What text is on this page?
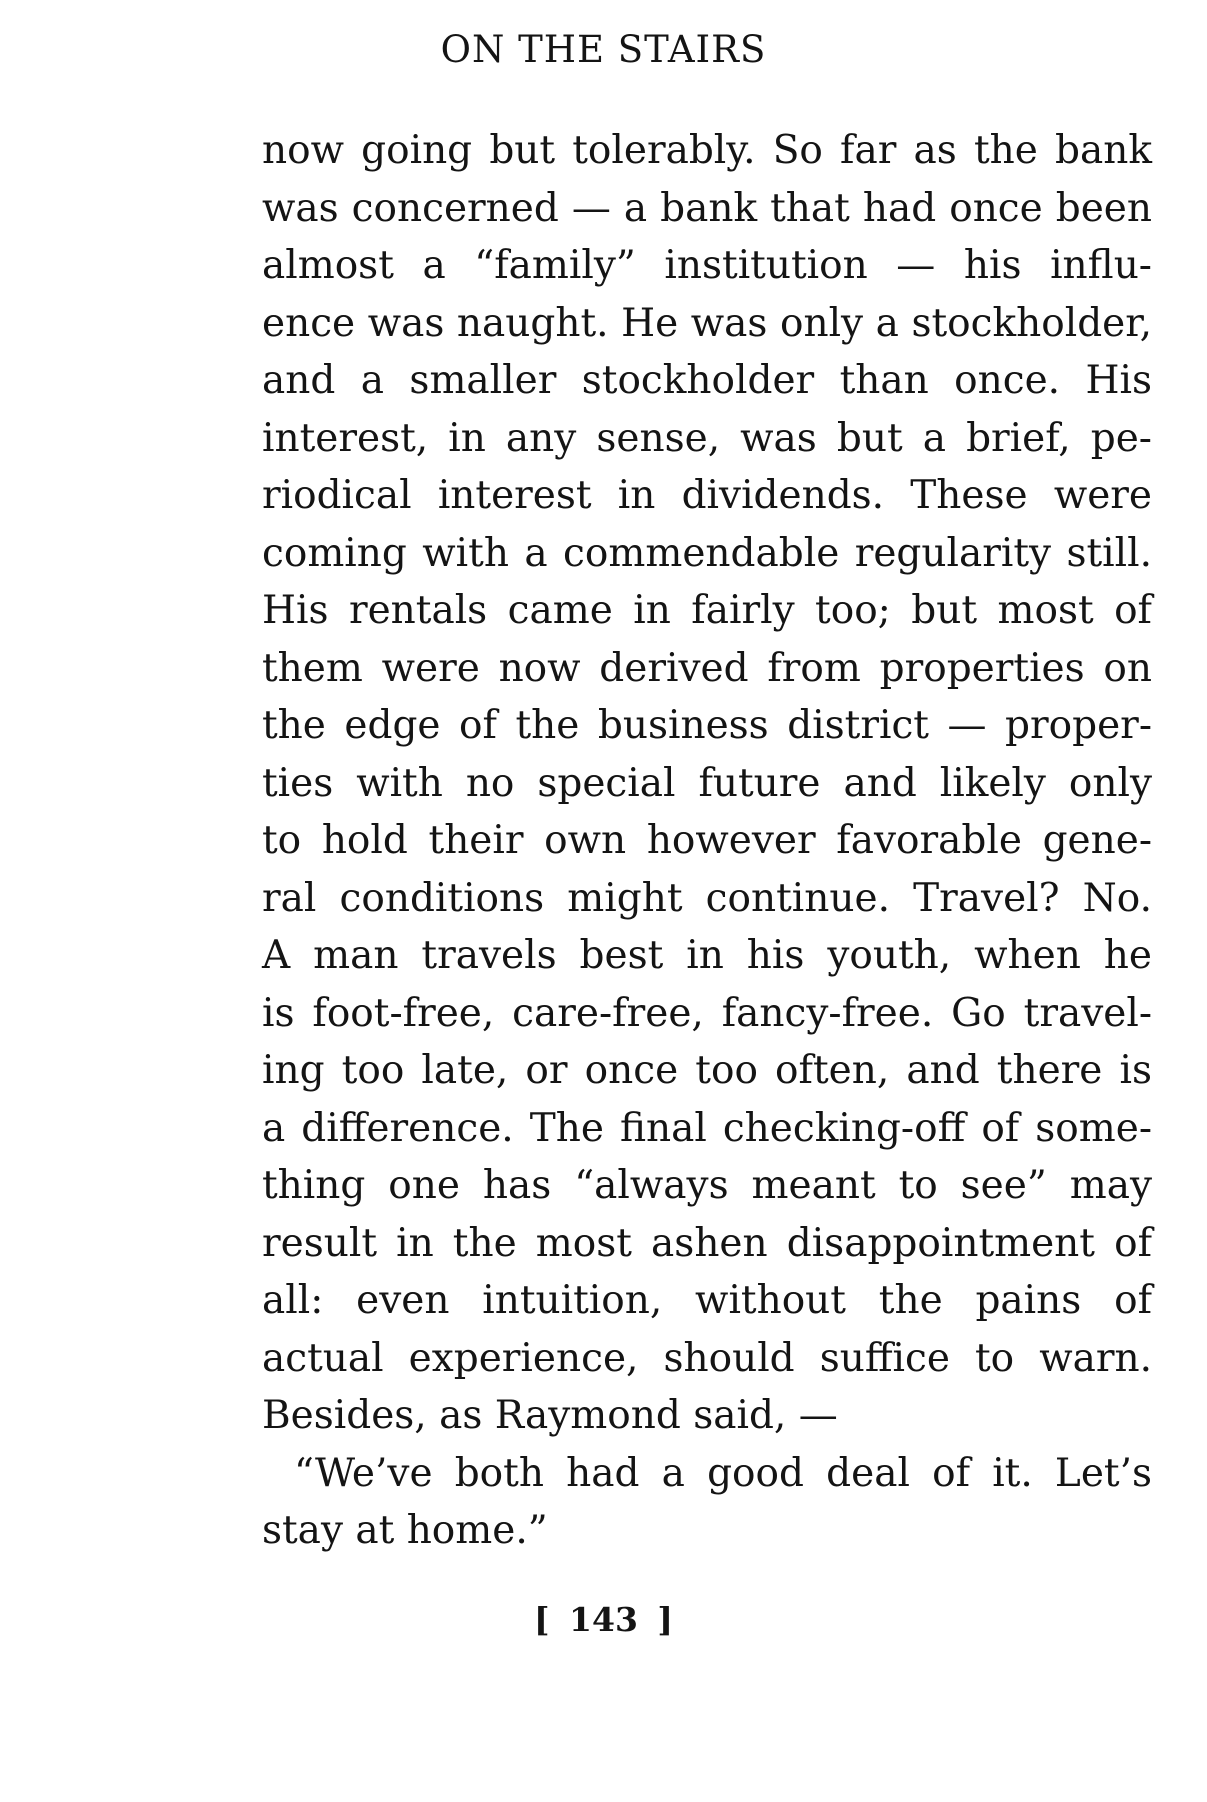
ON THE STAIRS
now going but tolerably. So far as the bank
was concerned — a bank that had once been
almost a “family” institution — his influ-
ence was naught. He was only a stockholder,
and a smaller stockholder than once. His
interest, in any sense, was but a brief, pe-
riodical interest in dividends. These were
coming with a commendable regularity still.
His rentals came in fairly too; but most of
them were now derived from properties on
the edge of the business district — proper-
ties with no special future and likely only
to hold their own however favorable gene-
ral conditions might continue. Travel? No.
A man travels best in his youth, when he
is foot-free, care-free, fancy-free. Go travel-
ing too late, or once too often, and there is
a difference. The final checking-off of some-
thing one has “always meant to see” may
result in the most ashen disappointment of
all: even intuition, without the pains of
actual experience, should suffice to warn.
Besides, as Raymond said, —
“We’ve both had a good deal of it. Let’s
stay at home.”
[ 143 ]
